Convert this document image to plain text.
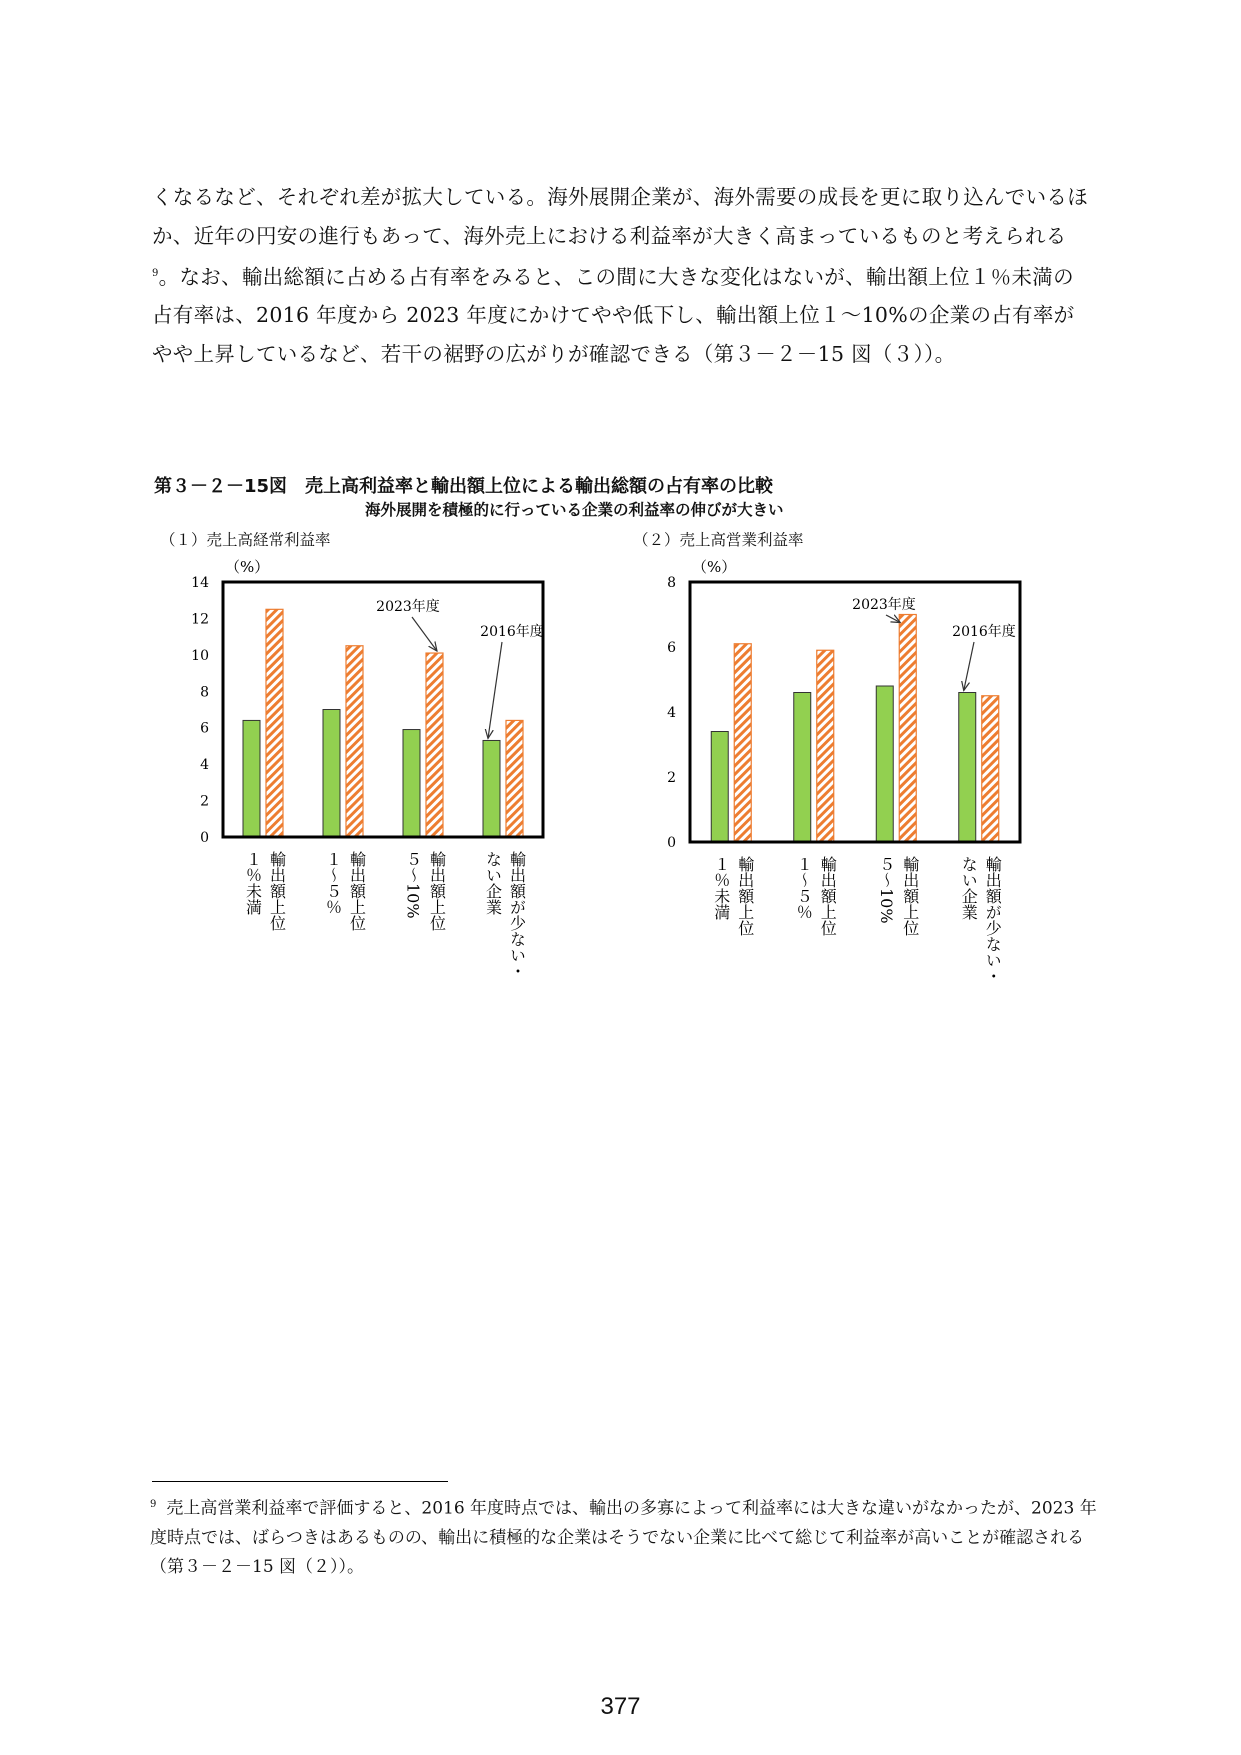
くなるなど、それぞれ差が拡大している。海外展開企業が、海外需要の成長を更に取り込んでいるほか、近年の円安の進行もあって、海外売上における利益率が大きく高まっているものと考えられる$^9$。なお、輸出総額に占める占有率をみると、この間に大きな変化はないが、輸出額上位１％未満の占有率は、2016 年度から 2023 年度にかけてやや低下し、輸出額上位１～10%の企業の占有率がやや上昇しているなど、若干の裾野の広がりが確認できる（第３－２－15 図（３））。

第３－２－15図　売上高利益率と輸出額上位による輸出総額の占有率の比較

海外展開を積極的に行っている企業の利益率の伸びが大きい

（１）売上高経常利益率	（２）売上高営業利益率

（%）
0
2
4
6
8
10
12
14
輸出額上位
１％未満	輸出額上位
１～５％	輸出額上位
５～10%	輸出額が少ない・
ない企業
2023年度
2016年度
（%）
0
2
4
6
8
輸出額上位
１％未満	輸出額上位
１～５％	輸出額上位
５～10%	輸出額が少ない・
ない企業
2023年度
2016年度

$^9$ 売上高営業利益率で評価すると、2016 年度時点では、輸出の多寡によって利益率には大きな違いがなかったが、2023 年度時点では、ばらつきはあるものの、輸出に積極的な企業はそうでない企業に比べて総じて利益率が高いことが確認される（第３－２－15 図（２））。

377
